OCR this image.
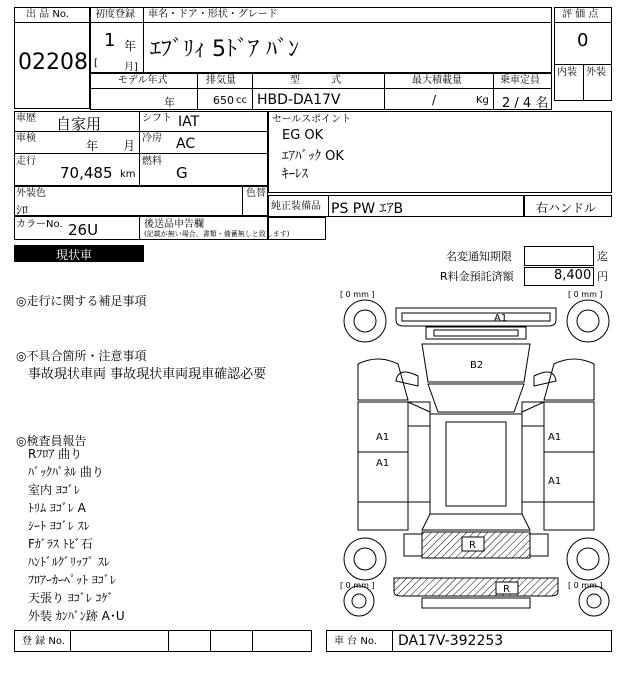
出 品 No.
02208
初度登録 車名・ドア・形状・グレード
1 年
[	月]
ｴﾌﾞﾘｨ 5ﾄﾞｱ ﾊﾞﾝ
評 価 点
0
内装 外装
モデル年式	排気量	型 式	最大積載量	乗車定員
年	650 cc HBD-DA17V	/	Kg 2 / 4 名
車歴 自家用	シフト IAT
車検
年 月
冷房 AC
走行
70,485 km
燃料
G
セールスポイント
EG OK
ｴｱﾊﾞｯｸ OK
ｷｰﾚｽ
外装色
ｼﾛ
色替
純正装備品 PS PW ｴｱB	右ハンドル
カラーNo. 26U	後送品申告欄
(記載が無い場合、書類・備蓄無しと致します)
現状車	名変通知期限	迄
R料金預託済額	8,400 円
◎走行に関する補足事項
◎不具合箇所・注意事項
事故現状車両 事故現状車両現車確認必要
◎検査員報告
Rﾌﾛｱ 曲り
ﾊﾞｯｸﾊﾟﾈﾙ 曲り
室内 ﾖｺﾞﾚ
ﾄﾘﾑ ﾖｺﾞﾚ A
ｼｰﾄ ﾖｺﾞﾚ ｽﾚ
Fｶﾞﾗｽ ﾄﾋﾞ石
ﾊﾝﾄﾞﾙｸﾞﾘｯﾌﾟ ｽﾚ
ﾌﾛｱｰｶｰﾍﾟｯﾄ ﾖｺﾞﾚ
天張り ﾖｺﾞﾚ ｺｹﾞ
外装 ｶﾝﾊﾞﾝ跡 A･U
[ 0 mm ]	[ 0 mm ]
[ 0 mm ]	[ 0 mm ]
A1
B2
A1
A1
A1
A1
R
R
登 録 No.	車 台 No. DA17V-392253
